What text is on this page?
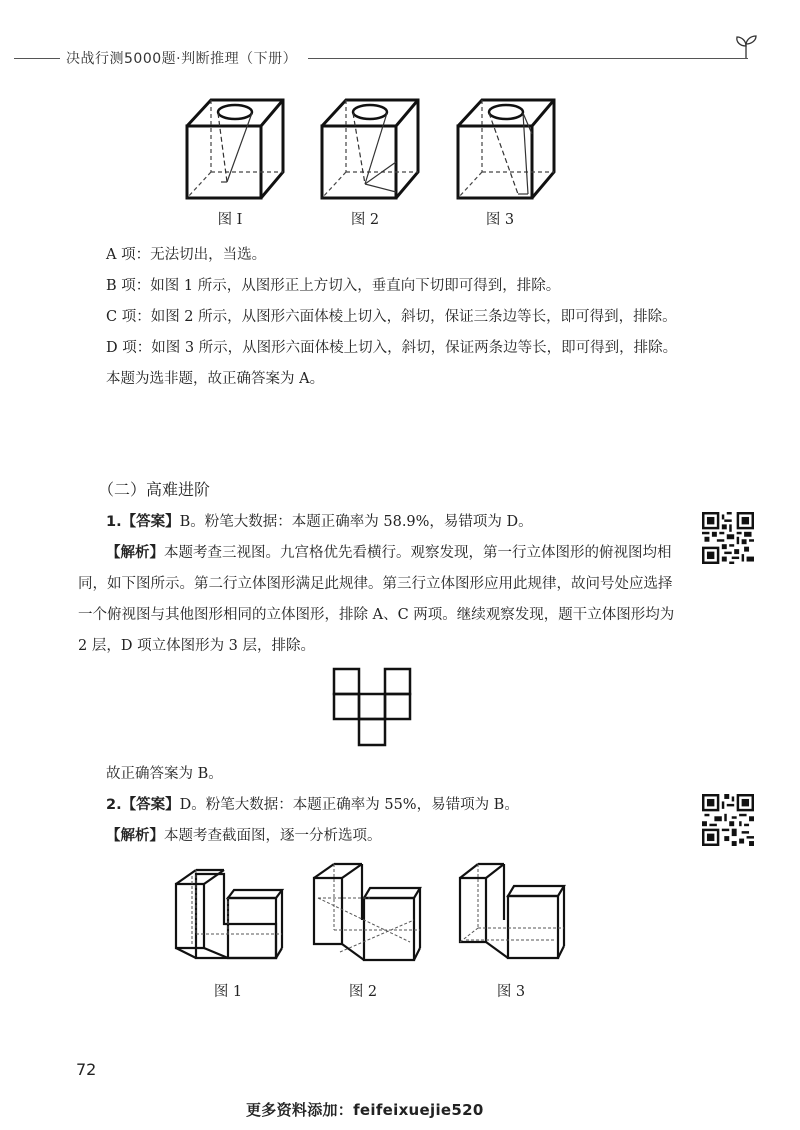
决战行测5000题·判断推理（下册）
图 I	图 2	图 3

A 项：无法切出，当选。

B 项：如图 1 所示，从图形正上方切入，垂直向下切即可得到，排除。

C 项：如图 2 所示，从图形六面体棱上切入，斜切，保证三条边等长，即可得到，排除。

D 项：如图 3 所示，从图形六面体棱上切入，斜切，保证两条边等长，即可得到，排除。

本题为选非题，故正确答案为 A。

（二）高难进阶

1.【答案】B。粉笔大数据：本题正确率为 58.9%，易错项为 D。

【解析】本题考查三视图。九宫格优先看横行。观察发现，第一行立体图形的俯视图均相同，如下图所示。第二行立体图形满足此规律。第三行立体图形应用此规律，故问号处应选择一个俯视图与其他图形相同的立体图形，排除 A、C 两项。继续观察发现，题干立体图形均为 2 层，D 项立体图形为 3 层，排除。

故正确答案为 B。

2.【答案】D。粉笔大数据：本题正确率为 55%，易错项为 B。

【解析】本题考查截面图，逐一分析选项。

图 1	图 2	图 3
72
更多资料添加：feifeixuejie520
